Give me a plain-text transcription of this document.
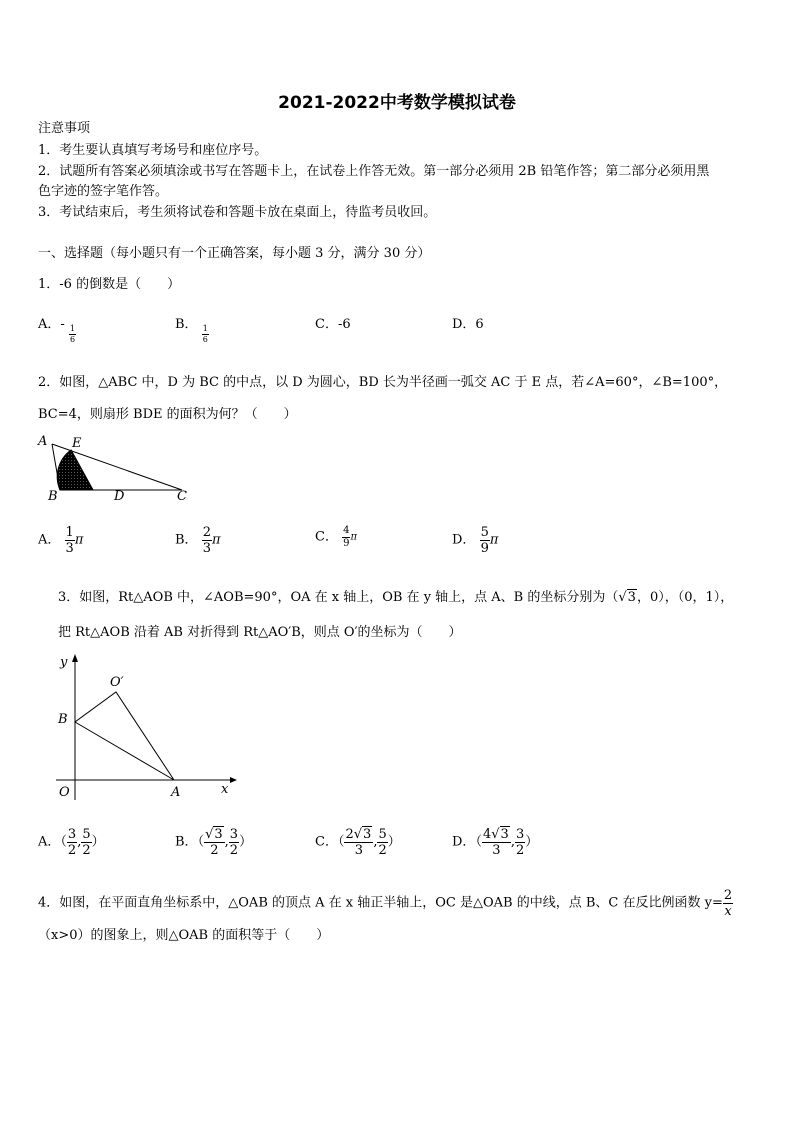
2021-2022中考数学模拟试卷
注意事项
1．考生要认真填写考场号和座位序号。
2．试题所有答案必须填涂或书写在答题卡上，在试卷上作答无效。第一部分必须用 2B 铅笔作答；第二部分必须用黑
色字迹的签字笔作答。
3．考试结束后，考生须将试卷和答题卡放在桌面上，待监考员收回。
一、选择题（每小题只有一个正确答案，每小题 3 分，满分 30 分）
1．-6 的倒数是（　　）
A．-
$\frac{1}{6}$
B．
$\frac{1}{6}$
C．-6	D．6
2．如图，△ABC 中，D 为 BC 的中点，以 D 为圆心，BD 长为半径画一弧交 AC 于 E 点，若∠A=60°，∠B=100°，
BC=4，则扇形 BDE 的面积为何？（　　）
A E
B	D	C
A． $\frac{1}{3}$ π	B． $\frac{2}{3}$ π	C． $\frac{4}{9}$ π	D． $\frac{5}{9}$ π
3．如图，Rt△AOB 中，∠AOB=90°，OA 在 x 轴上，OB 在 y 轴上，点 A、B 的坐标分别为（√3，0），（0，1），
把 Rt△AOB 沿着 AB 对折得到 Rt△AO′B，则点 O′的坐标为（　　）
y
O′
B
O	A	x
A．（ $\frac{3}{2}$ , $\frac{5}{2}$ ）	B．（ $\frac{√3}{2}$ , $\frac{3}{2}$ ）	C．（ $\frac{2√3}{3}$ , $\frac{5}{2}$ ）	D．（ $\frac{4√3}{3}$ , $\frac{3}{2}$ ）
4．如图，在平面直角坐标系中，△OAB 的顶点 A 在 x 轴正半轴上，OC 是△OAB 的中线，点 B、C 在反比例函数 $y= \frac{2}{x}$
（x>0）的图象上，则△OAB 的面积等于（　　）
